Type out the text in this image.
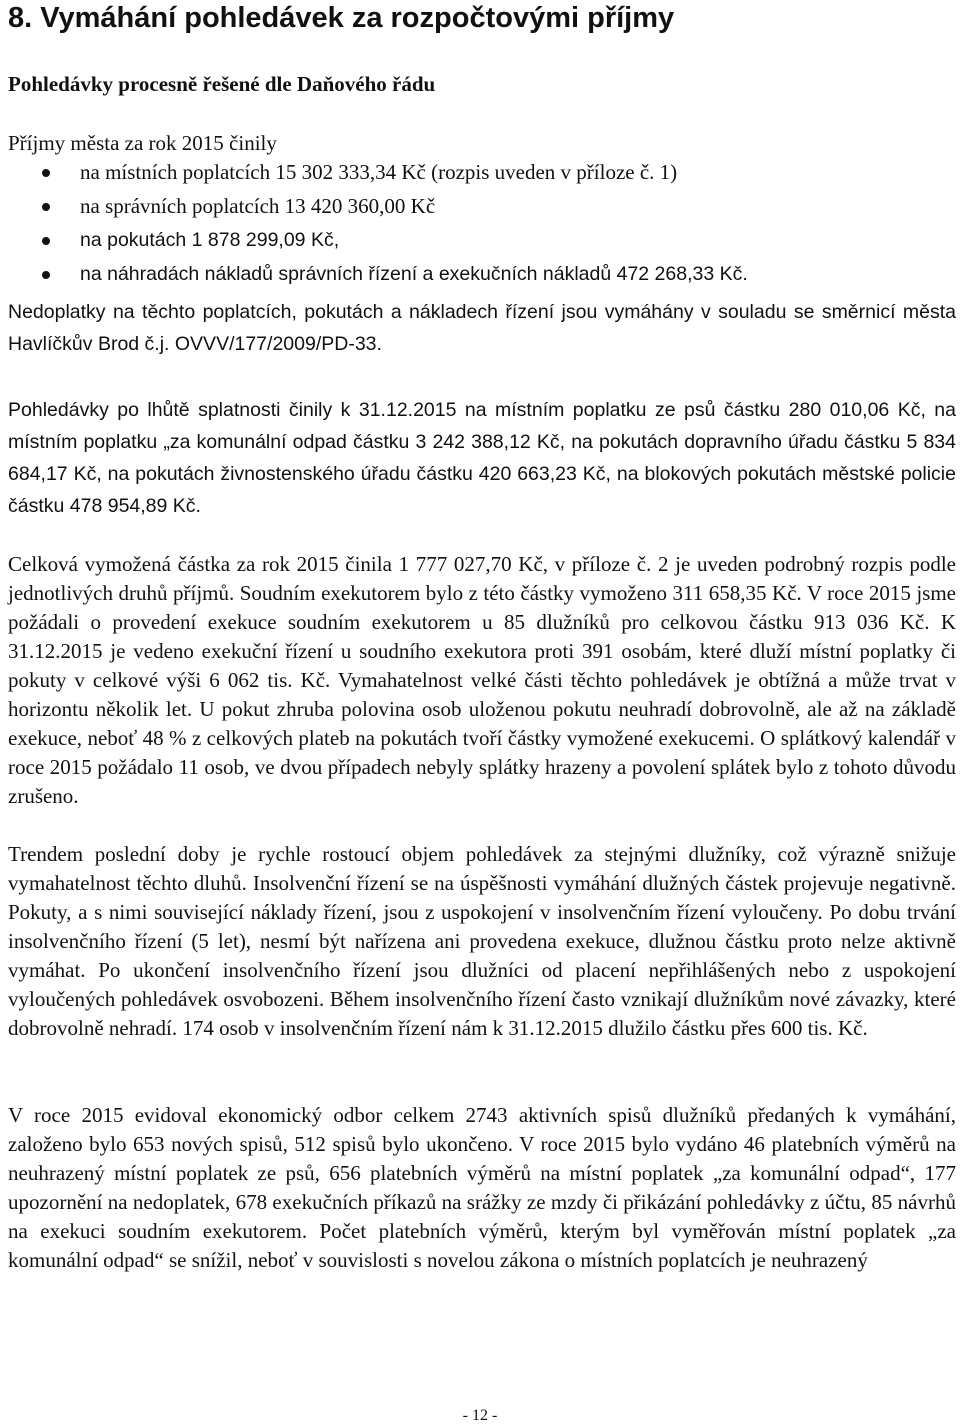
8. Vymáhání pohledávek za rozpočtovými příjmy
Pohledávky procesně řešené dle Daňového řádu

Příjmy města za rok 2015 činily

na místních poplatcích 15 302 333,34 Kč (rozpis uveden v příloze č. 1)
na správních poplatcích 13 420 360,00 Kč
na pokutách 1 878 299,09 Kč,
na náhradách nákladů správních řízení a exekučních nákladů 472 268,33 Kč.

Nedoplatky na těchto poplatcích, pokutách a nákladech řízení jsou vymáhány v souladu se směrnicí města Havlíčkův Brod č.j. OVVV/177/2009/PD-33.

Pohledávky po lhůtě splatnosti činily k 31.12.2015 na místním poplatku ze psů částku 280 010,06 Kč, na místním poplatku „za komunální odpad částku 3 242 388,12 Kč, na pokutách dopravního úřadu částku 5 834 684,17 Kč, na pokutách živnostenského úřadu částku 420 663,23 Kč, na blokových pokutách městské policie částku 478 954,89 Kč.

Celková vymožená částka za rok 2015 činila 1 777 027,70 Kč, v příloze č. 2 je uveden podrobný rozpis podle jednotlivých druhů příjmů. Soudním exekutorem bylo z této částky vymoženo 311 658,35 Kč. V roce 2015 jsme požádali o provedení exekuce soudním exekutorem u 85 dlužníků pro celkovou částku 913 036 Kč. K 31.12.2015 je vedeno exekuční řízení u soudního exekutora proti 391 osobám, které dluží místní poplatky či pokuty v celkové výši 6 062 tis. Kč. Vymahatelnost velké části těchto pohledávek je obtížná a může trvat v horizontu několik let. U pokut zhruba polovina osob uloženou pokutu neuhradí dobrovolně, ale až na základě exekuce, neboť 48 % z celkových plateb na pokutách tvoří částky vymožené exekucemi. O splátkový kalendář v roce 2015 požádalo 11 osob, ve dvou případech nebyly splátky hrazeny a povolení splátek bylo z tohoto důvodu zrušeno.

Trendem poslední doby je rychle rostoucí objem pohledávek za stejnými dlužníky, což výrazně snižuje vymahatelnost těchto dluhů. Insolvenční řízení se na úspěšnosti vymáhání dlužných částek projevuje negativně. Pokuty, a s nimi související náklady řízení, jsou z uspokojení v insolvenčním řízení vyloučeny. Po dobu trvání insolvenčního řízení (5 let), nesmí být nařízena ani provedena exekuce, dlužnou částku proto nelze aktivně vymáhat. Po ukončení insolvenčního řízení jsou dlužníci od placení nepřihlášených nebo z uspokojení vyloučených pohledávek osvobozeni. Během insolvenčního řízení často vznikají dlužníkům nové závazky, které dobrovolně nehradí. 174 osob v insolvenčním řízení nám k 31.12.2015 dlužilo částku přes 600 tis. Kč.

V roce 2015 evidoval ekonomický odbor celkem 2743 aktivních spisů dlužníků předaných k vymáhání, založeno bylo 653 nových spisů, 512 spisů bylo ukončeno. V roce 2015 bylo vydáno 46 platebních výměrů na neuhrazený místní poplatek ze psů, 656 platebních výměrů na místní poplatek „za komunální odpad“, 177 upozornění na nedoplatek, 678 exekučních příkazů na srážky ze mzdy či přikázání pohledávky z účtu, 85 návrhů na exekuci soudním exekutorem. Počet platebních výměrů, kterým byl vyměřován místní poplatek „za komunální odpad“ se snížil, neboť v souvislosti s novelou zákona o místních poplatcích je neuhrazený

- 12 -
